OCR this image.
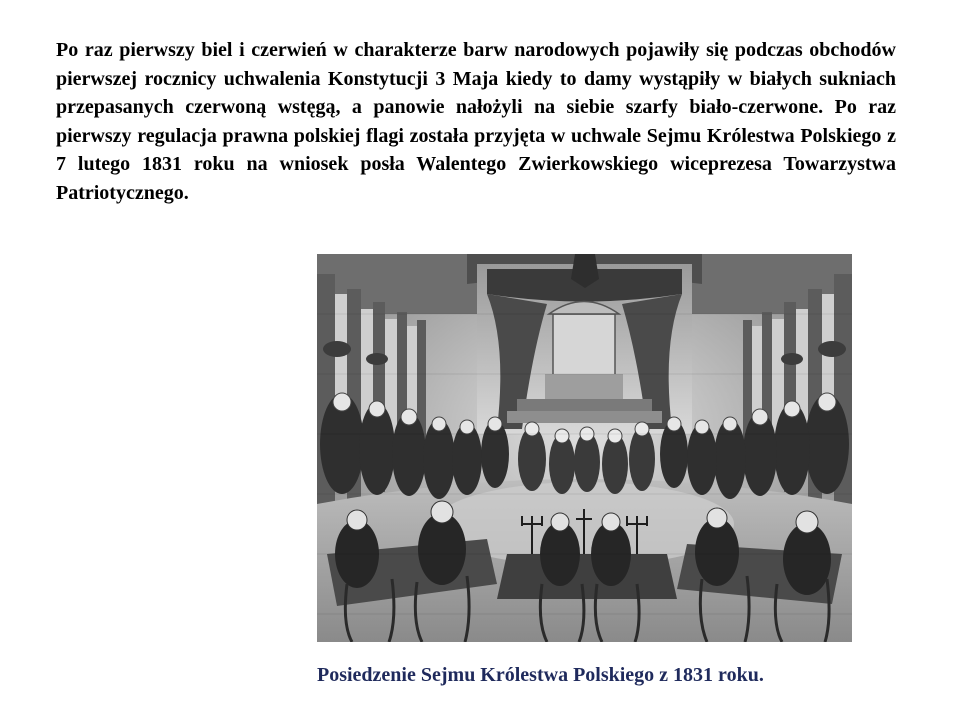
Po raz pierwszy biel i czerwień w charakterze barw narodowych pojawiły się podczas obchodów pierwszej rocznicy uchwalenia Konstytucji 3 Maja kiedy to damy wystąpiły w białych sukniach przepasanych czerwoną wstęgą, a panowie nałożyli na siebie szarfy biało-czerwone. Po raz pierwszy regulacja prawna polskiej flagi została przyjęta w uchwale Sejmu Królestwa Polskiego z 7 lutego 1831 roku na wniosek posła Walentego Zwierkowskiego wiceprezesa Towarzystwa Patriotycznego.

Posiedzenie Sejmu Królestwa Polskiego z 1831 roku.
